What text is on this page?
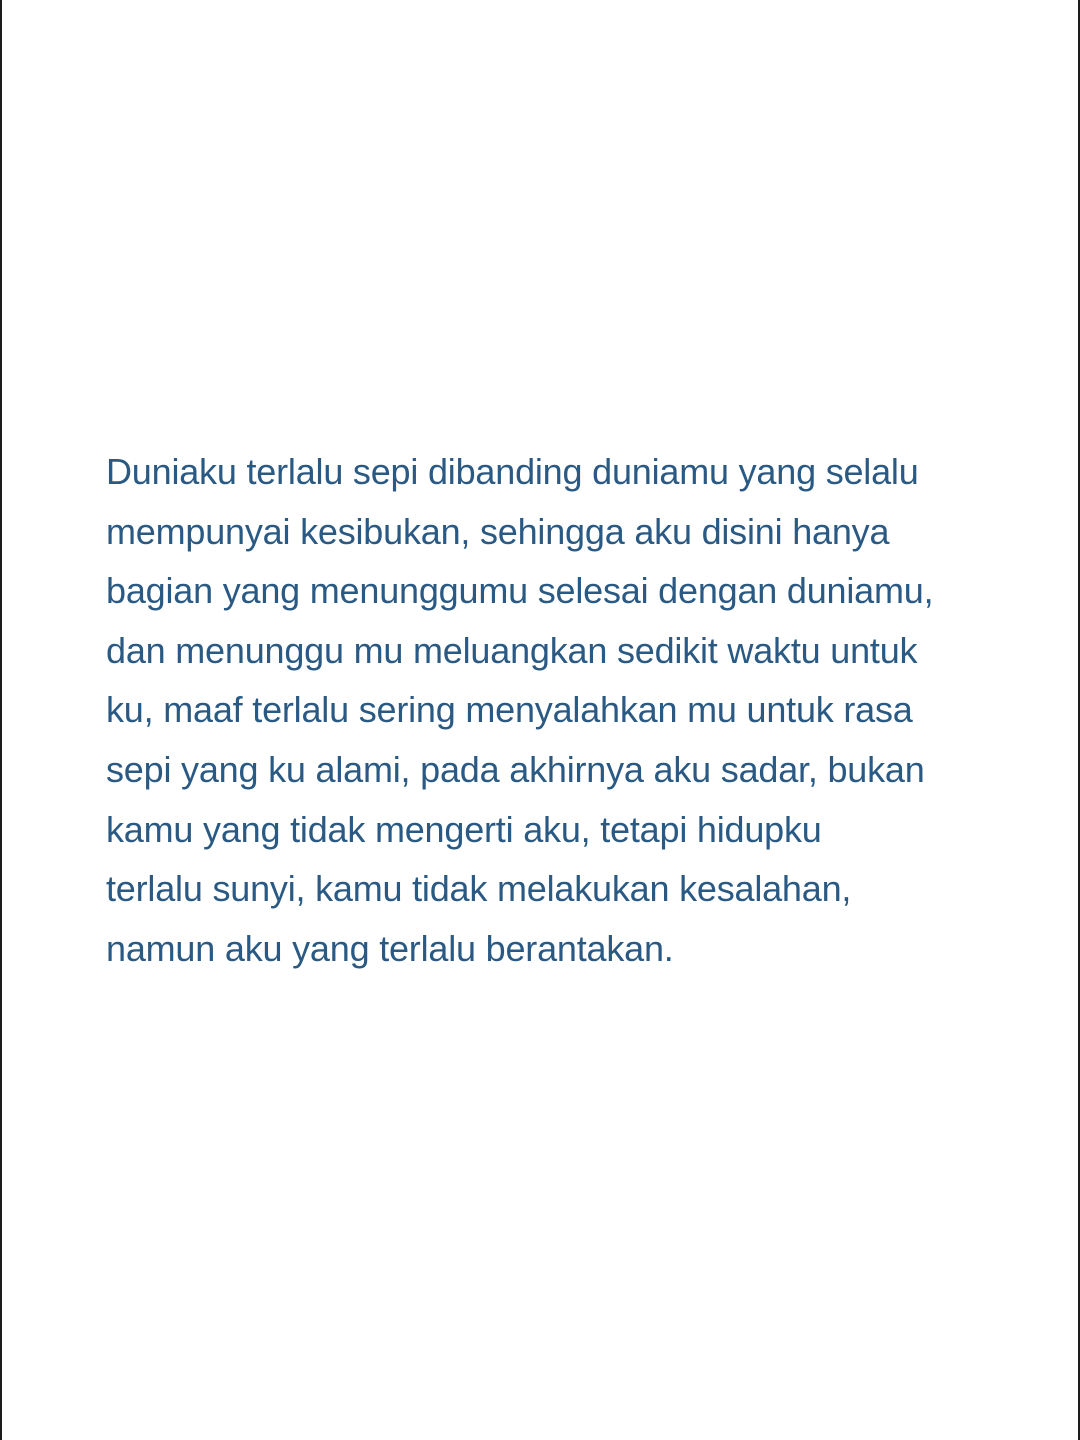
Duniaku terlalu sepi dibanding duniamu yang selalu
mempunyai kesibukan, sehingga aku disini hanya
bagian yang menunggumu selesai dengan duniamu,
dan menunggu mu meluangkan sedikit waktu untuk
ku, maaf terlalu sering menyalahkan mu untuk rasa
sepi yang ku alami, pada akhirnya aku sadar, bukan
kamu yang tidak mengerti aku, tetapi hidupku
terlalu sunyi, kamu tidak melakukan kesalahan,
namun aku yang terlalu berantakan.
